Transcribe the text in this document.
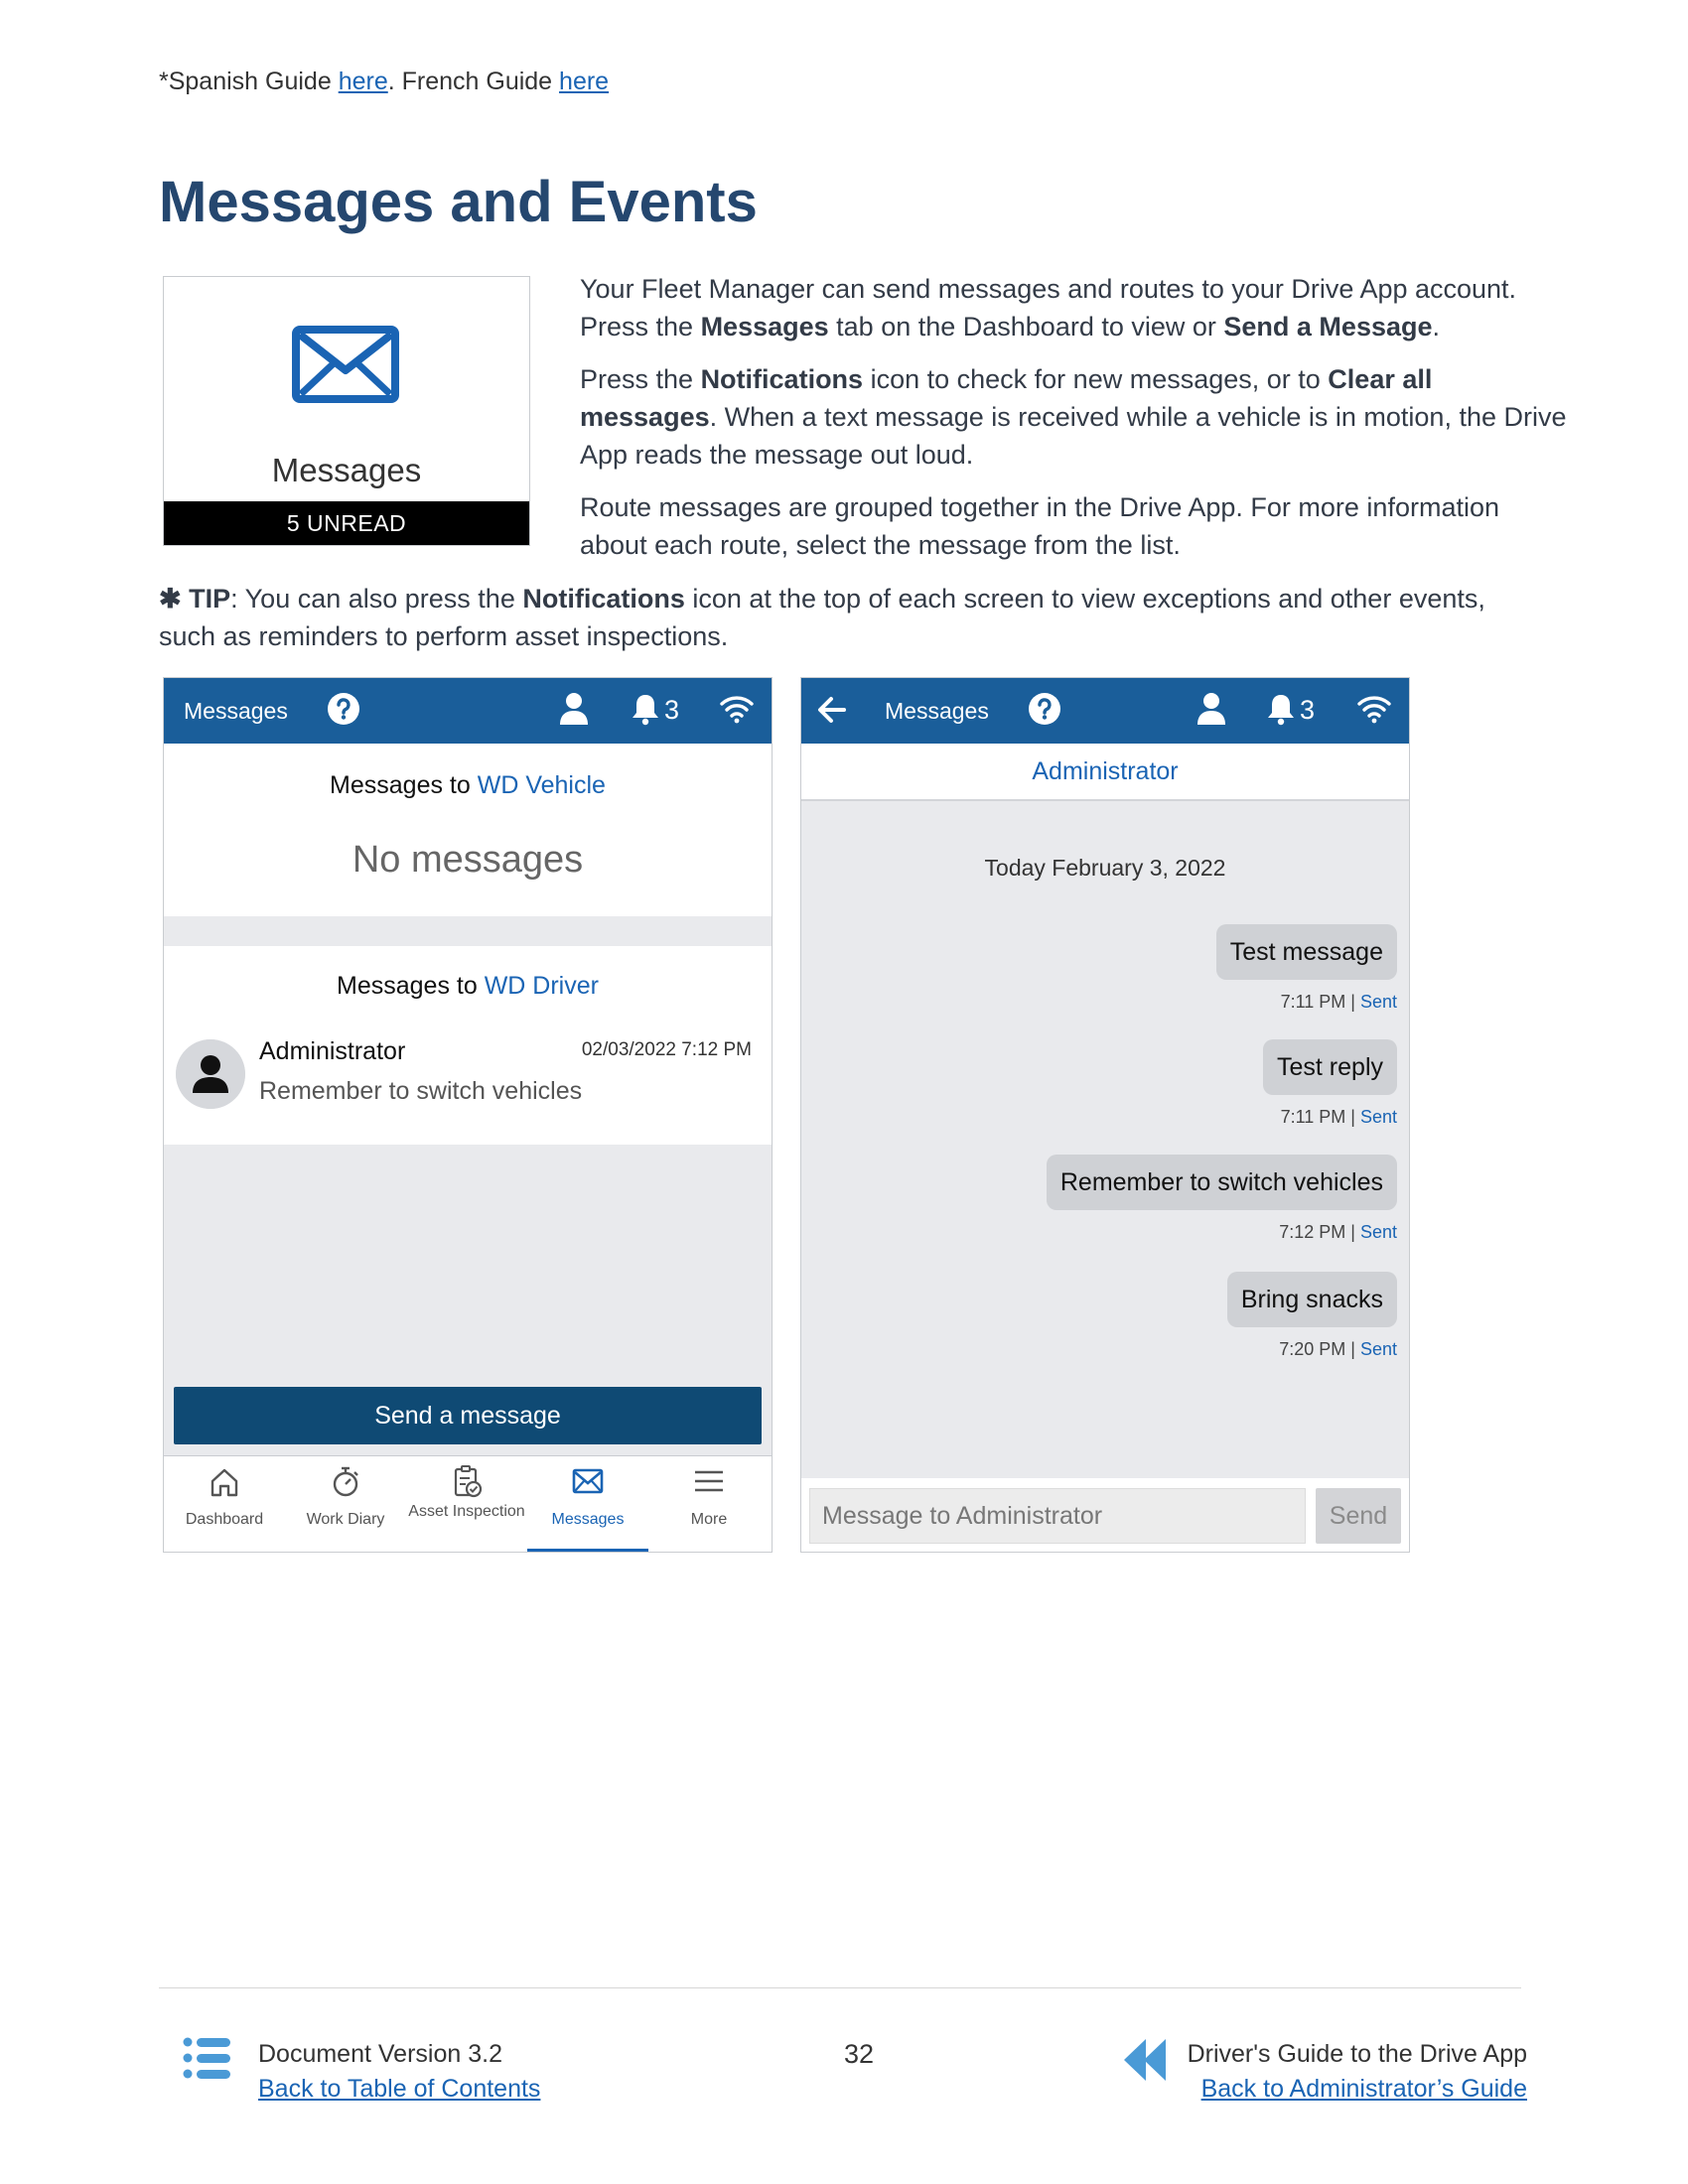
*Spanish Guide here. French Guide here
Messages and Events
Messages
5 UNREAD

Your Fleet Manager can send messages and routes to your Drive App account. Press the Messages tab on the Dashboard to view or Send a Message.

Press the Notifications icon to check for new messages, or to Clear all messages. When a text message is received while a vehicle is in motion, the Drive App reads the message out loud.

Route messages are grouped together in the Drive App. For more information about each route, select the message from the list.

✱ TIP: You can also press the Notifications icon at the top of each screen to view exceptions and other events, such as reminders to perform asset inspections.
Messages	3
Messages to WD Vehicle
No messages
Messages to WD Driver
Administrator	02/03/2022 7:12 PM
Remember to switch vehicles
Send a message
Dashboard	Work Diary	Asset Inspection	Messages	More
Messages	3
Administrator
Today February 3, 2022
Test message
7:11 PM | Sent
Test reply
7:11 PM | Sent
Remember to switch vehicles
7:12 PM | Sent
Bring snacks
7:20 PM | Sent
Message to Administrator	Send
Document Version 3.2
Back to Table of Contents
32	Driver's Guide to the Drive App
Back to Administrator’s Guide
